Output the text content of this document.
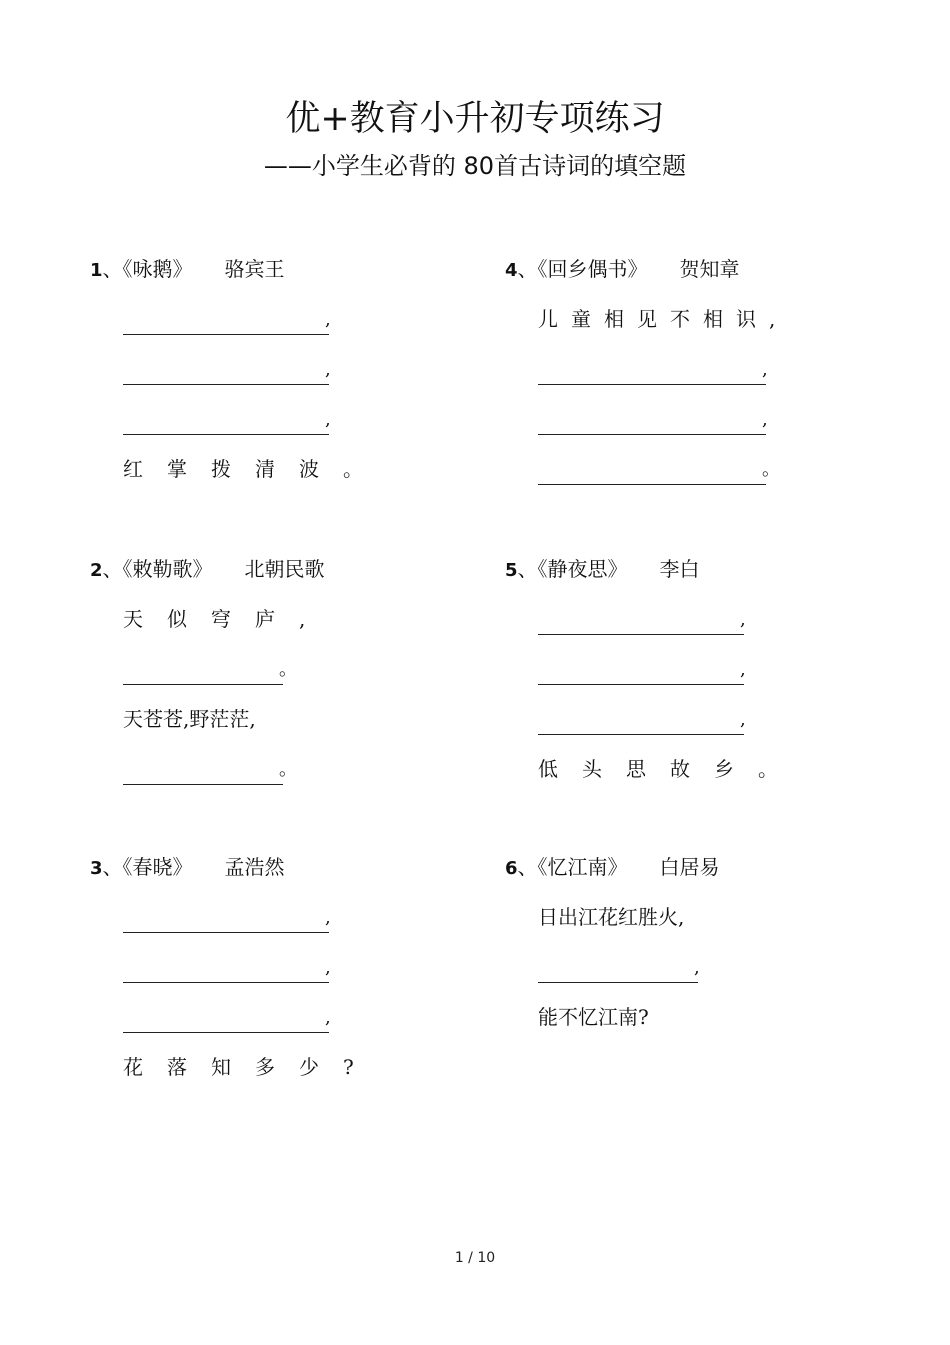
优+教育小升初专项练习
——小学生必背的 80首古诗词的填空题
1、《咏鹅》 骆宾王
,
,
,
红掌拨清波。
2、《敕勒歌》 北朝民歌
天似穹庐,
。
天苍苍,野茫茫,
。
3、《春晓》 孟浩然
,
,
,
花落知多少?
4、《回乡偶书》 贺知章
儿童相见不相识,
,
,
。
5、《静夜思》 李白
,
,
,
低头思故乡。
6、《忆江南》 白居易
日出江花红胜火,
,
能不忆江南?
1 / 10
